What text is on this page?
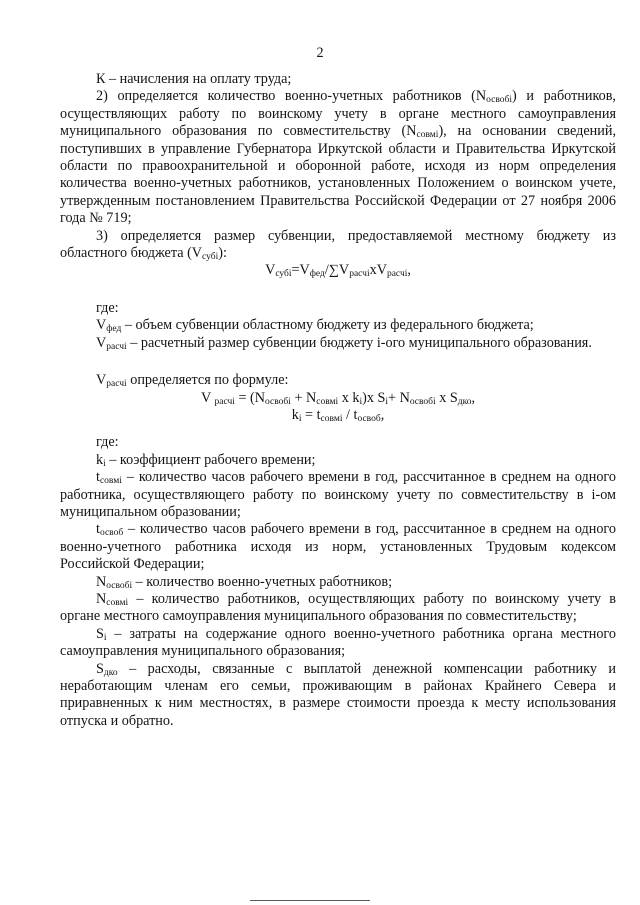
2

К – начисления на оплату труда;

2) определяется количество военно-учетных работников $(N_{освобi})$ и работников, осуществляющих работу по воинскому учету в органе местного самоуправления муниципального образования по совместительству $(N_{совмi})$, на основании сведений, поступивших в управление Губернатора Иркутской области и Правительства Иркутской области по правоохранительной и оборонной работе, исходя из норм определения количества военно-учетных работников, установленных Положением о воинском учете, утвержденным постановлением Правительства Российской Федерации от 27 ноября 2006 года № 719;

3) определяется размер субвенции, предоставляемой местному бюджету из областного бюджета $(V_{субi})$:

$V_{субi}=V_{фед}/\sum V_{расчi}xV_{расчi}$,

где:

$V_{фед}$ – объем субвенции областному бюджету из федерального бюджета;

$V_{расчi}$ – расчетный размер субвенции бюджету i-ого муниципального образования.

$V_{расчi}$ определяется по формуле:

V $_{расчi} = (N_{освобi} + N_{совмi}$ x $k_i)x$ $S_i+ N_{освобi}$ x $S_{дко}$,

$k_i = t_{совмi} / t_{освоб}$,

где:

$k_i$ – коэффициент рабочего времени;

$t_{совмi}$ – количество часов рабочего времени в год, рассчитанное в среднем на одного работника, осуществляющего работу по воинскому учету по совместительству в i-ом муниципальном образовании;

$t_{освоб}$ – количество часов рабочего времени в год, рассчитанное в среднем на одного военно-учетного работника исходя из норм, установленных Трудовым кодексом Российской Федерации;

$N_{освобi}$ – количество военно-учетных работников;

$N_{совмi}$ – количество работников, осуществляющих работу по воинскому учету в органе местного самоуправления муниципального образования по совместительству;

$S_i$ – затраты на содержание одного военно-учетного работника органа местного самоуправления муниципального образования;

$S_{дко}$ – расходы, связанные с выплатой денежной компенсации работнику и неработающим членам его семьи, проживающим в районах Крайнего Севера и приравненных к ним местностях, в размере стоимости проезда к месту использования отпуска и обратно.
